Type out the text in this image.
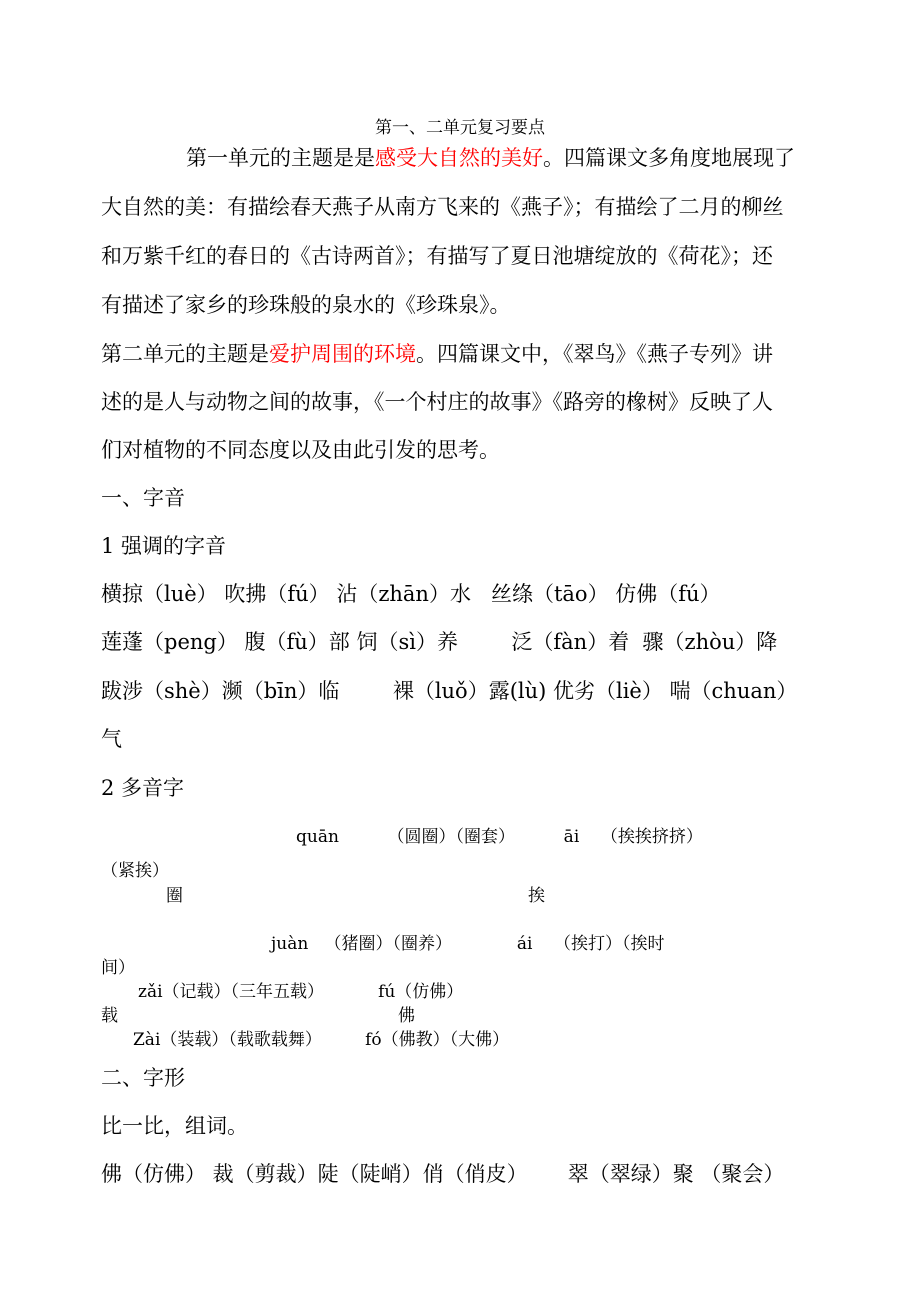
第一、二单元复习要点
第一单元的主题是是感受大自然的美好。四篇课文多角度地展现了
大自然的美：有描绘春天燕子从南方飞来的《燕子》；有描绘了二月的柳丝
和万紫千红的春日的《古诗两首》；有描写了夏日池塘绽放的《荷花》；还
有描述了家乡的珍珠般的泉水的《珍珠泉》。
第二单元的主题是爱护周围的环境。四篇课文中，《翠鸟》《燕子专列》讲
述的是人与动物之间的故事，《一个村庄的故事》《路旁的橡树》反映了人
们对植物的不同态度以及由此引发的思考。
一、字音
1 强调的字音
横掠（luè） 吹拂（fú） 沾（zhān）水   丝绦（tāo） 仿佛（fú）
莲蓬（peng） 腹（fù）部 饲（sì）养        泛（fàn）着  骤（zhòu）降
跋涉（shè）濒（bīn）临        裸（luǒ）露(lù) 优劣（liè） 喘（chuan）
气
2 多音字
quān         （圆圈）（圈套）         āi    （挨挨挤挤）
（紧挨）
圈	挨
juàn   （猪圈）（圈养）            ái    （挨打）（挨时
间）
zǎi（记载）（三年五载）          fú（仿佛）
载	佛
Zài（装载）（载歌载舞）        fó（佛教）（大佛）
二、字形
比一比，组词。
佛（仿佛） 裁（剪裁）陡（陡峭）俏（俏皮）      翠（翠绿）聚 （聚会）
